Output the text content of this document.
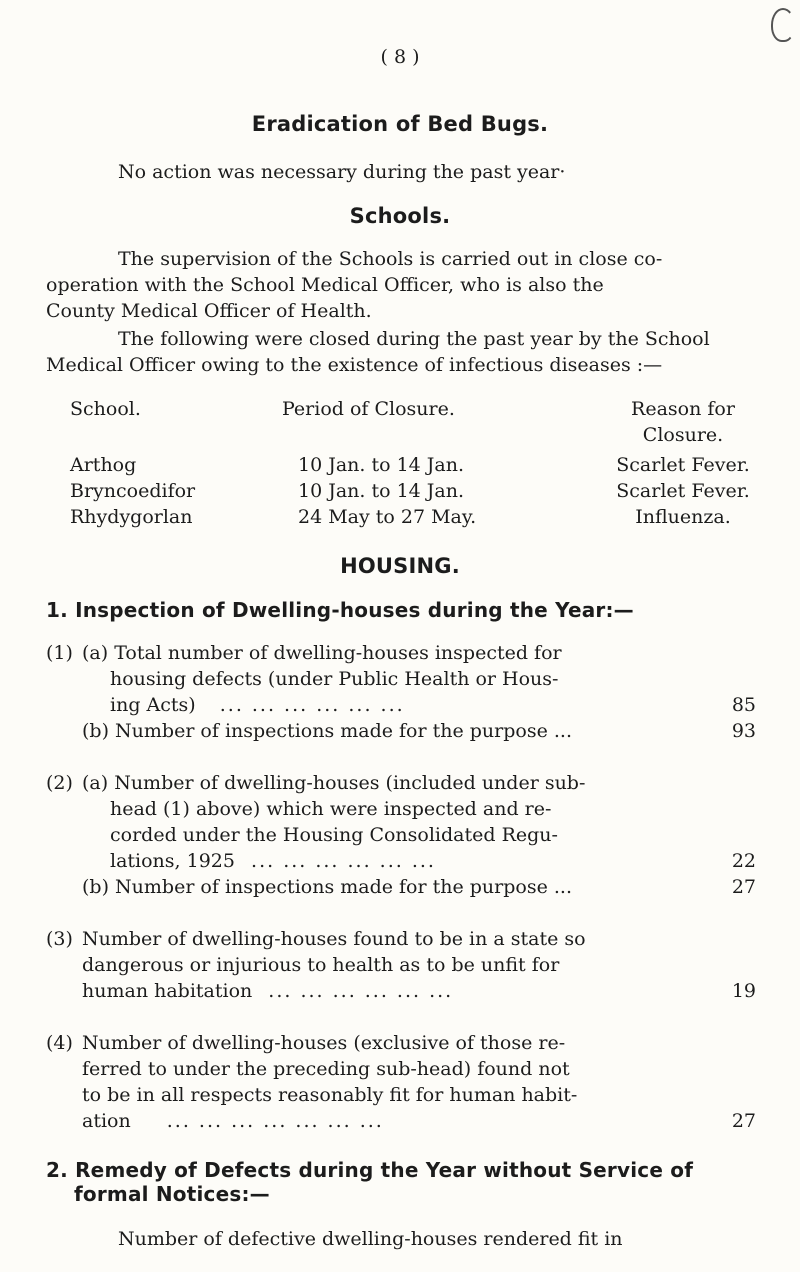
( 8 )
Eradication of Bed Bugs.
No action was necessary during the past year·
Schools.
The supervision of the Schools is carried out in close co-
operation with the School Medical Officer, who is also the
County Medical Officer of Health.
The following were closed during the past year by the School
Medical Officer owing to the existence of infectious diseases :—
School.	Period of Closure.	Reason for
Closure.
Arthog	10 Jan. to 14 Jan.	Scarlet Fever.
Bryncoedifor	10 Jan. to 14 Jan.	Scarlet Fever.
Rhydygorlan	24 May to 27 May.	Influenza.
HOUSING.
1. Inspection of Dwelling-houses during the Year:—
(1) (a) Total number of dwelling-houses inspected for
housing defects (under Public Health or Hous-
ing Acts) ... ... ... ... ... ...	85
(b) Number of inspections made for the purpose ...	93
(2) (a) Number of dwelling-houses (included under sub-
head (1) above) which were inspected and re-
corded under the Housing Consolidated Regu-
lations, 1925 ... ... ... ... ... ...	22
(b) Number of inspections made for the purpose ...	27
(3) Number of dwelling-houses found to be in a state so
dangerous or injurious to health as to be unfit for
human habitation ... ... ... ... ... ...	19
(4) Number of dwelling-houses (exclusive of those re-
ferred to under the preceding sub-head) found not
to be in all respects reasonably fit for human habit-
ation ... ... ... ... ... ... ...	27
2. Remedy of Defects during the Year without Service of
formal Notices:—
Number of defective dwelling-houses rendered fit in
